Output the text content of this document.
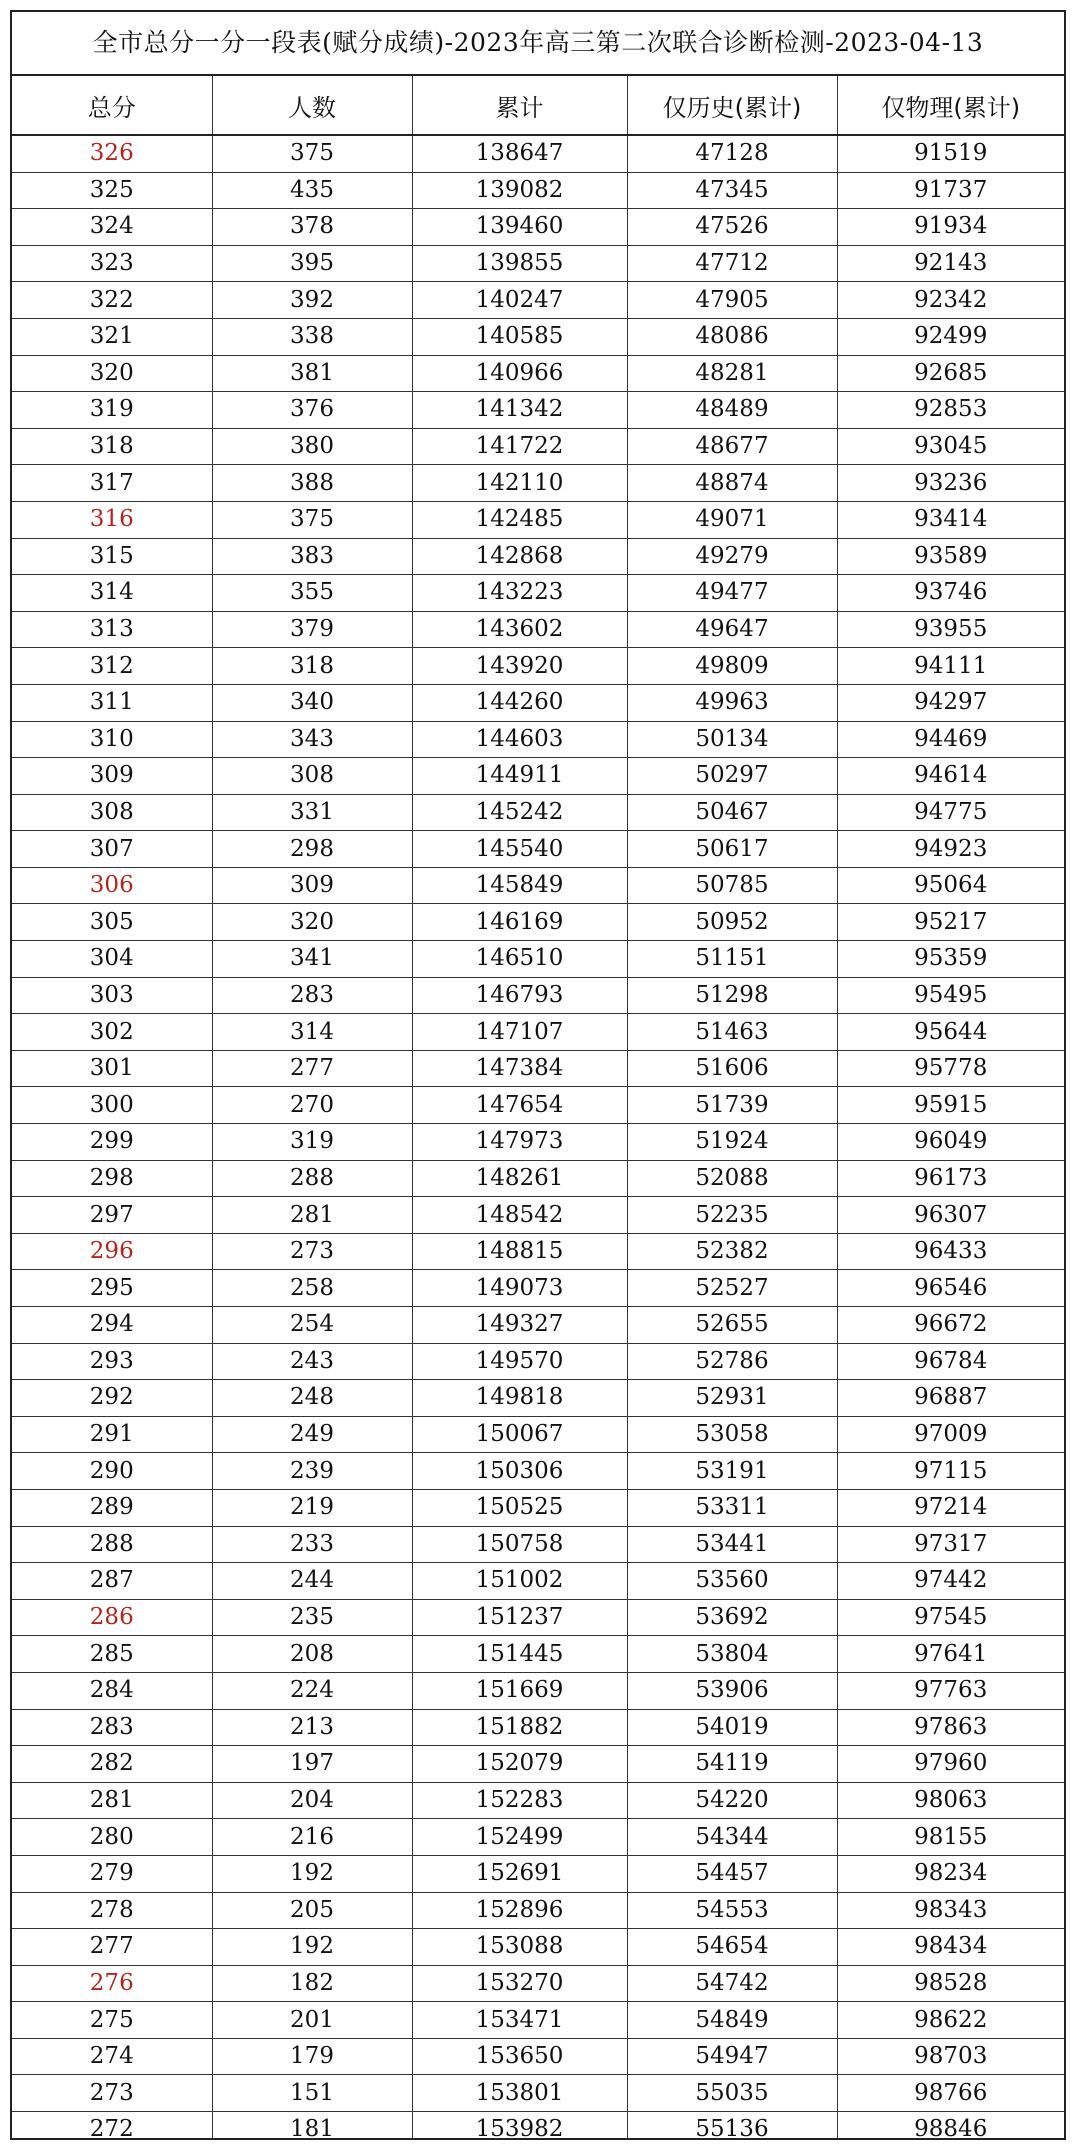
全市总分一分一段表(赋分成绩)-2023年高三第二次联合诊断检测-2023-04-13
总分	人数	累计	仅历史(累计)	仅物理(累计)
326	375	138647	47128	91519
325	435	139082	47345	91737
324	378	139460	47526	91934
323	395	139855	47712	92143
322	392	140247	47905	92342
321	338	140585	48086	92499
320	381	140966	48281	92685
319	376	141342	48489	92853
318	380	141722	48677	93045
317	388	142110	48874	93236
316	375	142485	49071	93414
315	383	142868	49279	93589
314	355	143223	49477	93746
313	379	143602	49647	93955
312	318	143920	49809	94111
311	340	144260	49963	94297
310	343	144603	50134	94469
309	308	144911	50297	94614
308	331	145242	50467	94775
307	298	145540	50617	94923
306	309	145849	50785	95064
305	320	146169	50952	95217
304	341	146510	51151	95359
303	283	146793	51298	95495
302	314	147107	51463	95644
301	277	147384	51606	95778
300	270	147654	51739	95915
299	319	147973	51924	96049
298	288	148261	52088	96173
297	281	148542	52235	96307
296	273	148815	52382	96433
295	258	149073	52527	96546
294	254	149327	52655	96672
293	243	149570	52786	96784
292	248	149818	52931	96887
291	249	150067	53058	97009
290	239	150306	53191	97115
289	219	150525	53311	97214
288	233	150758	53441	97317
287	244	151002	53560	97442
286	235	151237	53692	97545
285	208	151445	53804	97641
284	224	151669	53906	97763
283	213	151882	54019	97863
282	197	152079	54119	97960
281	204	152283	54220	98063
280	216	152499	54344	98155
279	192	152691	54457	98234
278	205	152896	54553	98343
277	192	153088	54654	98434
276	182	153270	54742	98528
275	201	153471	54849	98622
274	179	153650	54947	98703
273	151	153801	55035	98766
272	181	153982	55136	98846
